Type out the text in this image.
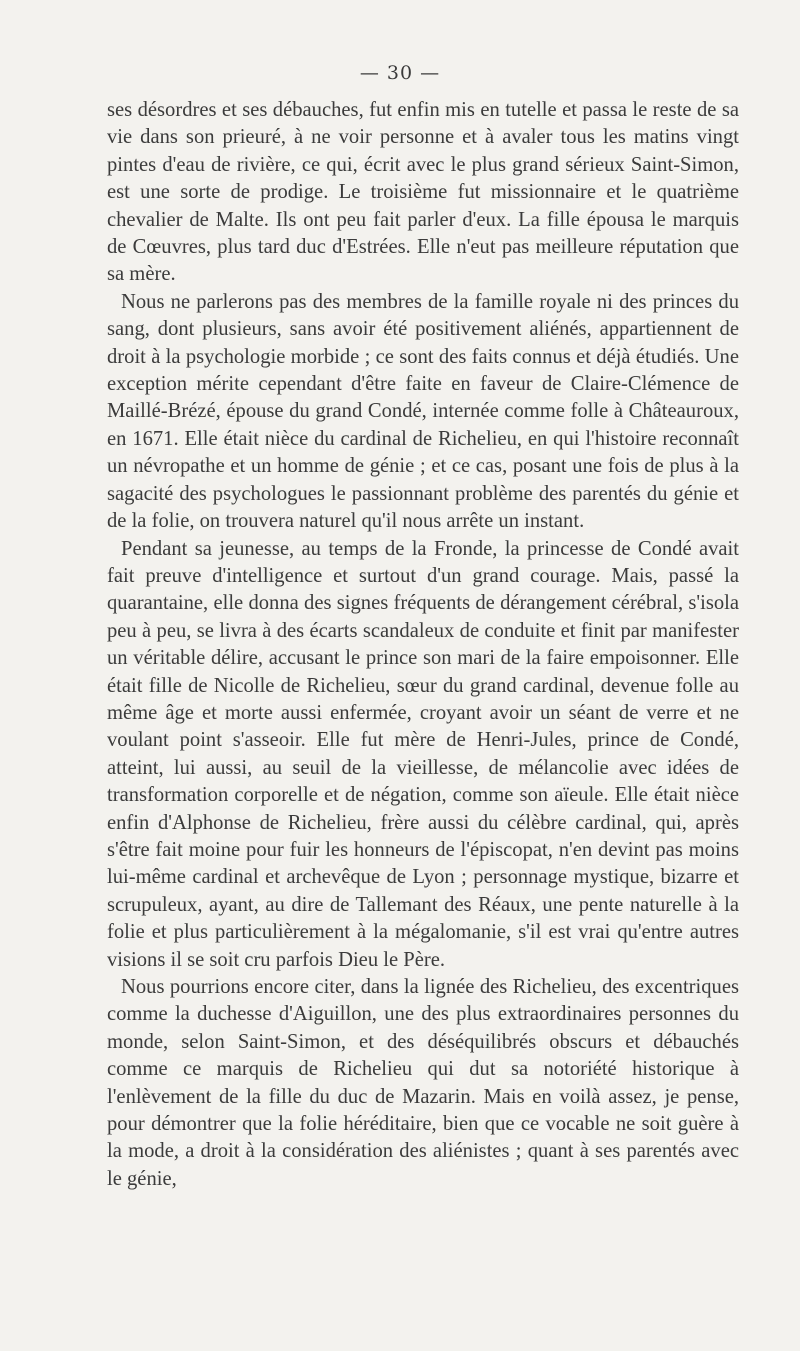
— 30 —

ses désordres et ses débauches, fut enfin mis en tutelle et passa le reste de sa vie dans son prieuré, à ne voir personne et à avaler tous les matins vingt pintes d'eau de rivière, ce qui, écrit avec le plus grand sérieux Saint-Simon, est une sorte de prodige. Le troisième fut missionnaire et le quatrième chevalier de Malte. Ils ont peu fait parler d'eux. La fille épousa le marquis de Cœuvres, plus tard duc d'Estrées. Elle n'eut pas meilleure réputation que sa mère.

Nous ne parlerons pas des membres de la famille royale ni des princes du sang, dont plusieurs, sans avoir été positivement aliénés, appartiennent de droit à la psychologie morbide ; ce sont des faits connus et déjà étudiés. Une exception mérite cependant d'être faite en faveur de Claire-Clémence de Maillé-Brézé, épouse du grand Condé, internée comme folle à Châteauroux, en 1671. Elle était nièce du cardinal de Richelieu, en qui l'histoire reconnaît un névropathe et un homme de génie ; et ce cas, posant une fois de plus à la sagacité des psychologues le passionnant problème des parentés du génie et de la folie, on trouvera naturel qu'il nous arrête un instant.

Pendant sa jeunesse, au temps de la Fronde, la princesse de Condé avait fait preuve d'intelligence et surtout d'un grand courage. Mais, passé la quarantaine, elle donna des signes fréquents de dérangement cérébral, s'isola peu à peu, se livra à des écarts scandaleux de conduite et finit par manifester un véritable délire, accusant le prince son mari de la faire empoisonner. Elle était fille de Nicolle de Richelieu, sœur du grand cardinal, devenue folle au même âge et morte aussi enfermée, croyant avoir un séant de verre et ne voulant point s'asseoir. Elle fut mère de Henri-Jules, prince de Condé, atteint, lui aussi, au seuil de la vieillesse, de mélancolie avec idées de transformation corporelle et de négation, comme son aïeule. Elle était nièce enfin d'Alphonse de Richelieu, frère aussi du célèbre cardinal, qui, après s'être fait moine pour fuir les honneurs de l'épiscopat, n'en devint pas moins lui-même cardinal et archevêque de Lyon ; personnage mystique, bizarre et scrupuleux, ayant, au dire de Tallemant des Réaux, une pente naturelle à la folie et plus particulièrement à la mégalomanie, s'il est vrai qu'entre autres visions il se soit cru parfois Dieu le Père.

Nous pourrions encore citer, dans la lignée des Richelieu, des excentriques comme la duchesse d'Aiguillon, une des plus extraordinaires personnes du monde, selon Saint-Simon, et des déséquilibrés obscurs et débauchés comme ce marquis de Richelieu qui dut sa notoriété historique à l'enlèvement de la fille du duc de Mazarin. Mais en voilà assez, je pense, pour démontrer que la folie héréditaire, bien que ce vocable ne soit guère à la mode, a droit à la considération des aliénistes ; quant à ses parentés avec le génie,
